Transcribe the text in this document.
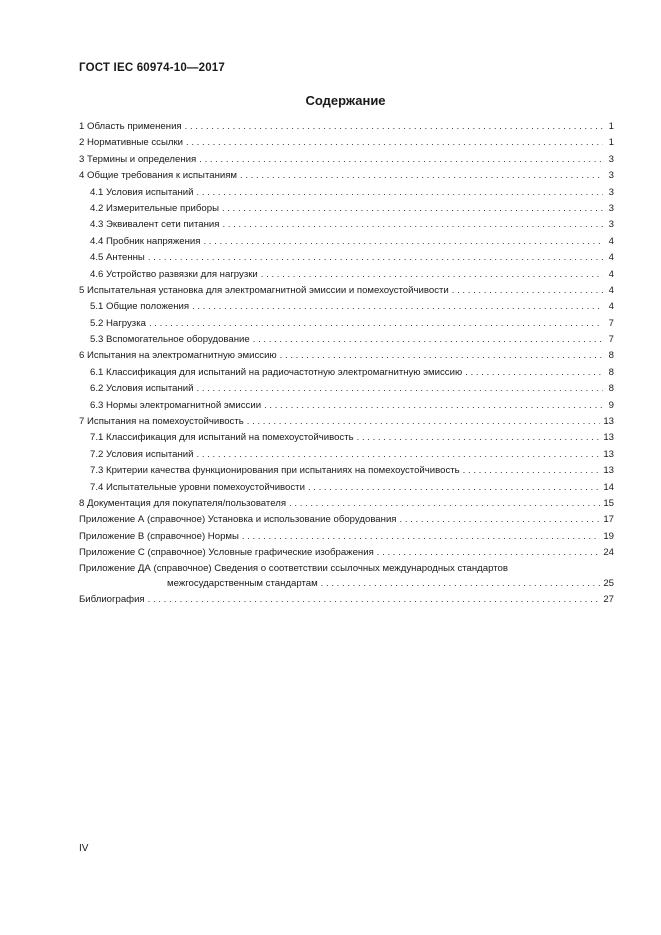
ГОСТ IEC 60974-10—2017
Содержание
1 Область применения . . .	1
2 Нормативные ссылки . . .	1
3 Термины и определения . . .	3
4 Общие требования к испытаниям . . .	3
4.1 Условия испытаний . . .	3
4.2 Измерительные приборы . . .	3
4.3 Эквивалент сети питания . . .	3
4.4 Пробник напряжения . . .	4
4.5 Антенны . . .	4
4.6 Устройство развязки для нагрузки . . .	4
5 Испытательная установка для электромагнитной эмиссии и помехоустойчивости . . .	4
5.1 Общие положения . . .	4
5.2 Нагрузка . . .	7
5.3 Вспомогательное оборудование . . .	7
6 Испытания на электромагнитную эмиссию . . .	8
6.1 Классификация для испытаний на радиочастотную электромагнитную эмиссию . . .	8
6.2 Условия испытаний . . .	8
6.3 Нормы электромагнитной эмиссии . . .	9
7 Испытания на помехоустойчивость . . .	13
7.1 Классификация для испытаний на помехоустойчивость . . .	13
7.2 Условия испытаний . . .	13
7.3 Критерии качества функционирования при испытаниях на помехоустойчивость . . .	13
7.4 Испытательные уровни помехоустойчивости . . .	14
8 Документация для покупателя/пользователя . . .	15
Приложение А (справочное) Установка и использование оборудования . . .	17
Приложение В (справочное) Нормы . . .	19
Приложение С (справочное) Условные графические изображения . . .	24
Приложение ДА (справочное) Сведения о соответствии ссылочных международных стандартов
межгосударственным стандартам . . .	25
Библиография . . .	27
IV
